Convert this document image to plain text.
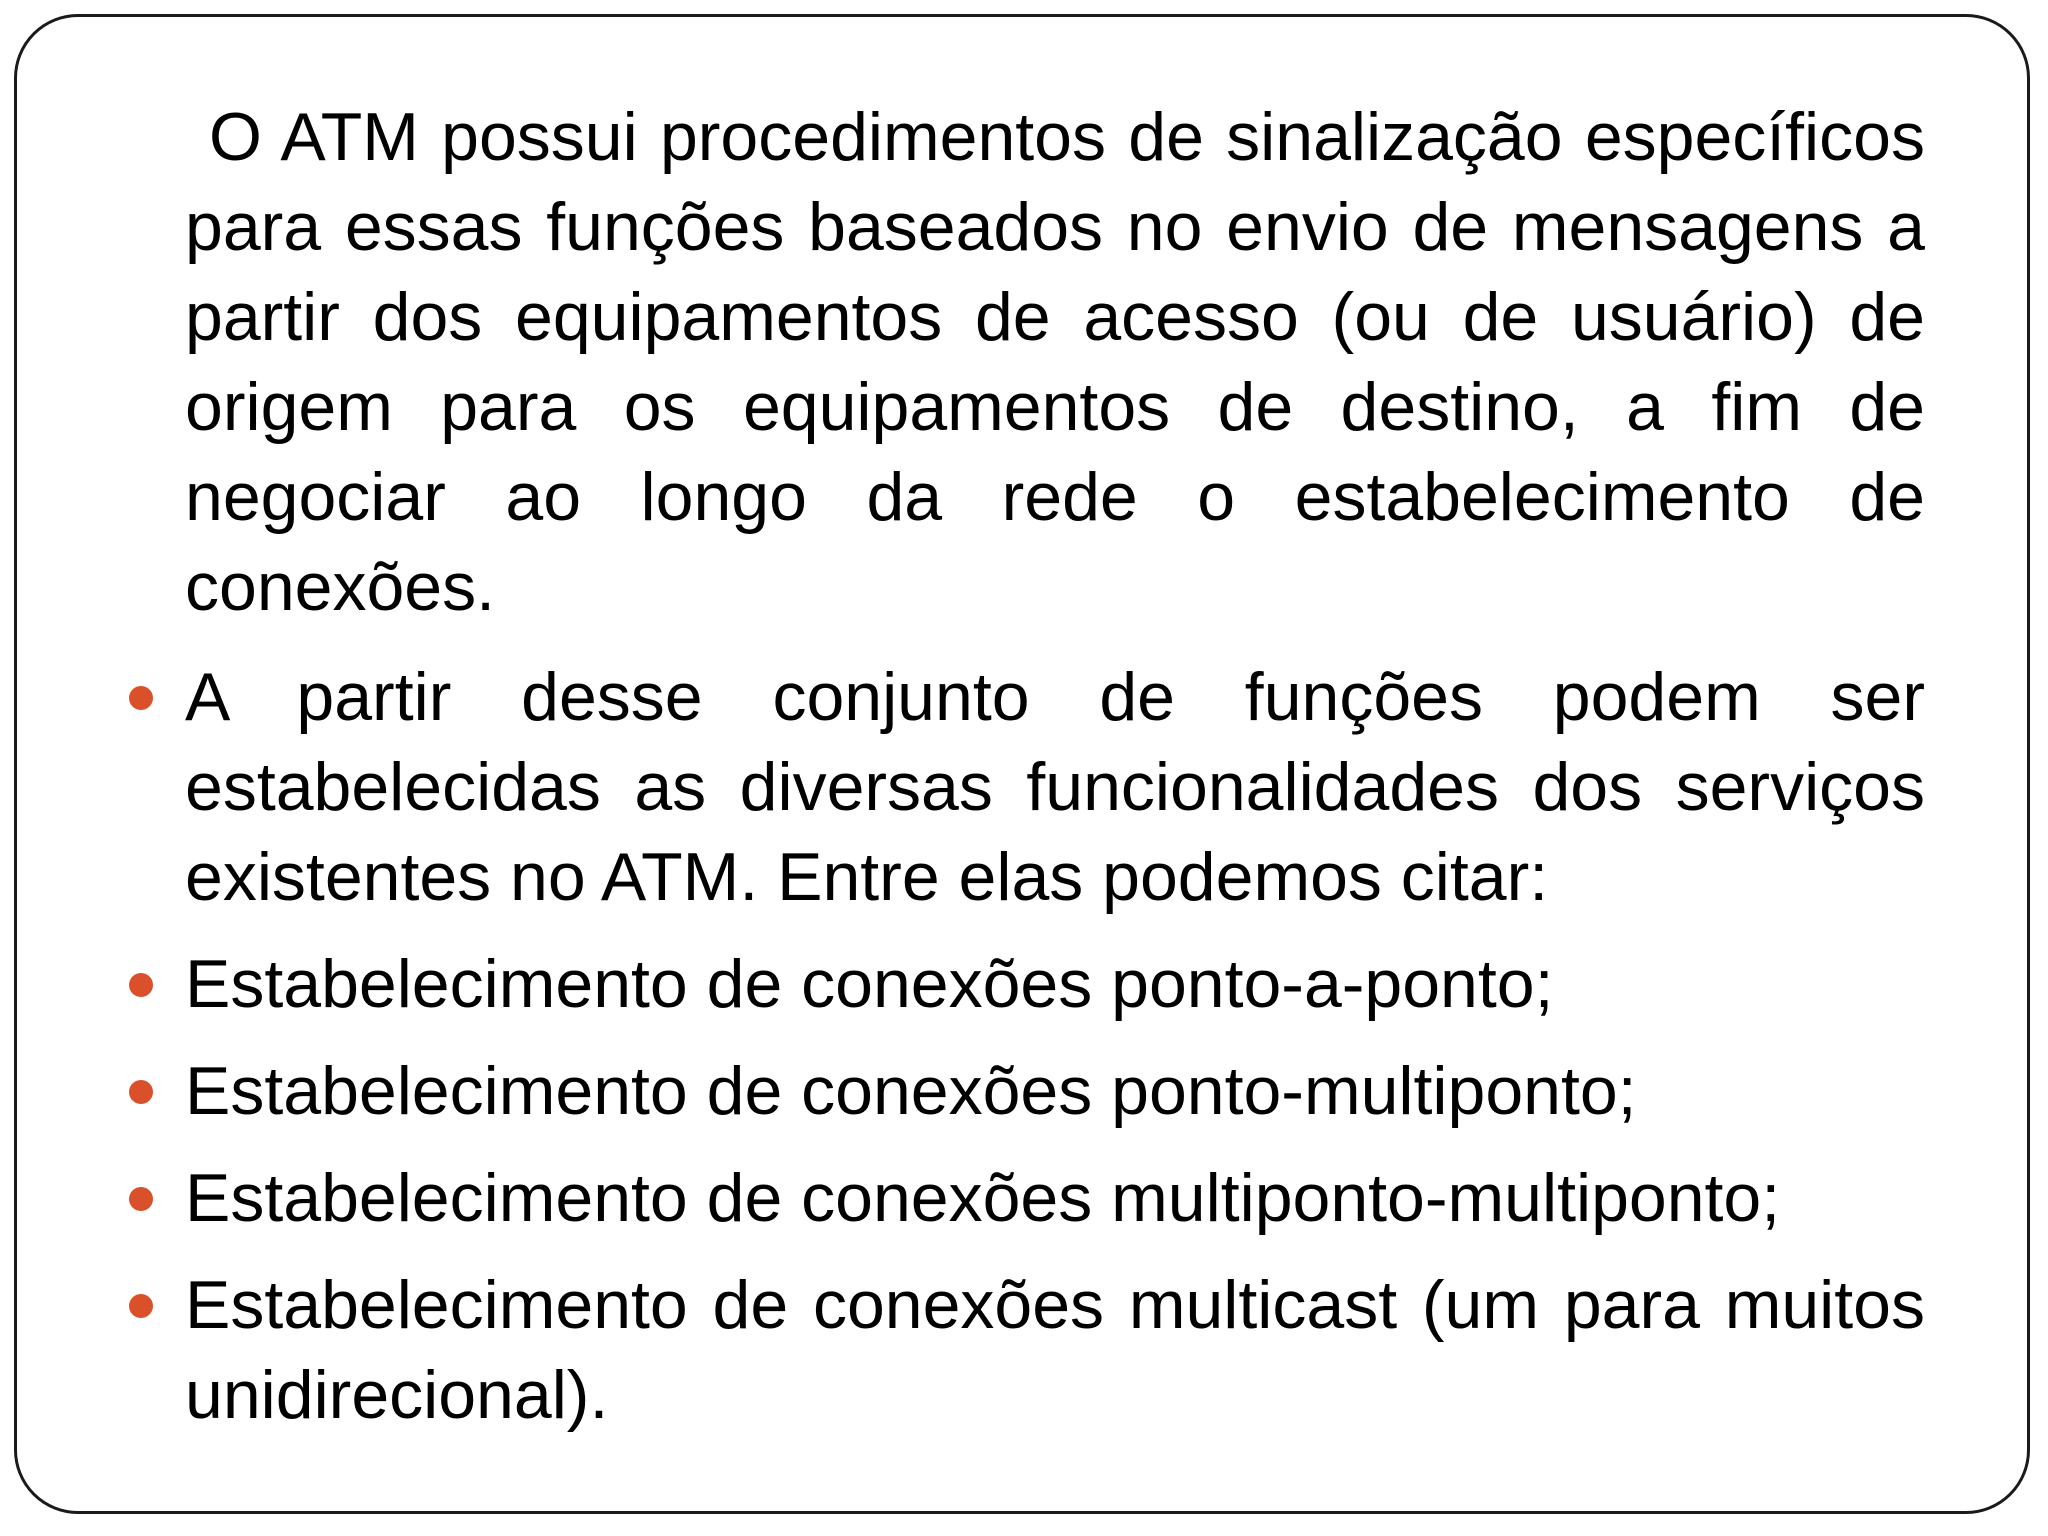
O ATM possui procedimentos de sinalização específicos para essas funções baseados no envio de mensagens a partir dos equipamentos de acesso (ou de usuário) de origem para os equipamentos de destino, a fim de negociar ao longo da rede o estabelecimento de conexões.

A partir desse conjunto de funções podem ser estabelecidas as diversas funcionalidades dos serviços existentes no ATM. Entre elas podemos citar:
Estabelecimento de conexões ponto-a-ponto;
Estabelecimento de conexões ponto-multiponto;
Estabelecimento de conexões multiponto-multiponto;
Estabelecimento de conexões multicast (um para muitos unidirecional).
